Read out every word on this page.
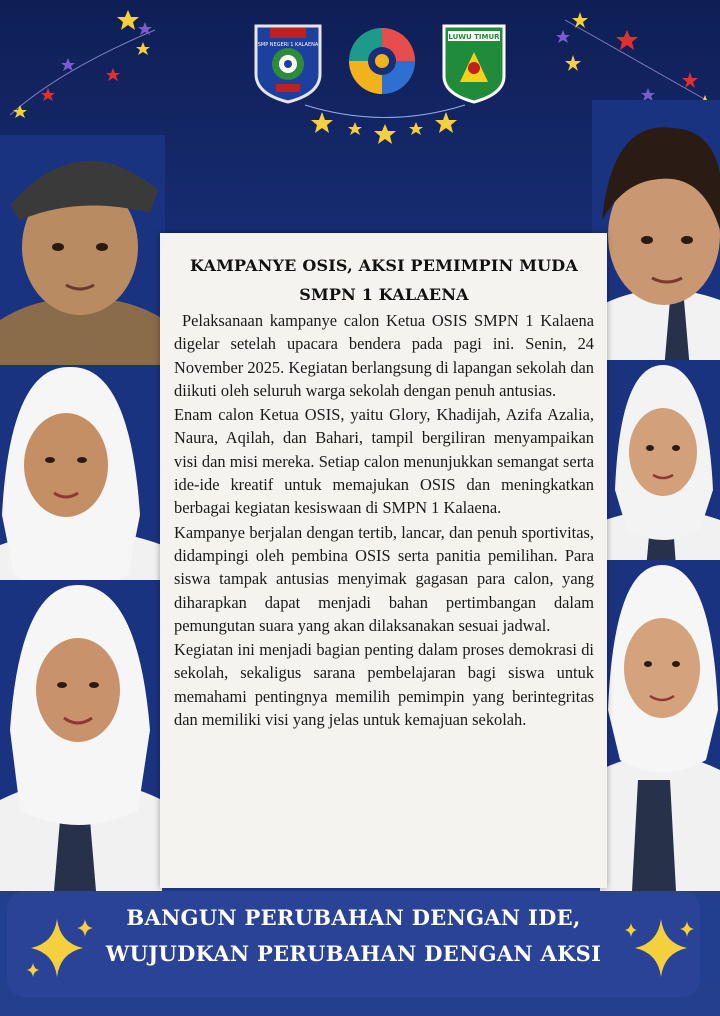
SMP NEGERI 1 KALAENA
LUWU TIMUR
KAMPANYE OSIS, AKSI PEMIMPIN MUDA
SMPN 1 KALAENA

Pelaksanaan kampanye calon Ketua OSIS SMPN 1 Kalaena digelar setelah upacara bendera pada pagi ini. Senin, 24 November 2025. Kegiatan berlangsung di lapangan sekolah dan diikuti oleh seluruh warga sekolah dengan penuh antusias.

Enam calon Ketua OSIS, yaitu Glory, Khadijah, Azifa Azalia, Naura, Aqilah, dan Bahari, tampil bergiliran menyampaikan visi dan misi mereka. Setiap calon menunjukkan semangat serta ide-ide kreatif untuk memajukan OSIS dan meningkatkan berbagai kegiatan kesiswaan di SMPN 1 Kalaena.

Kampanye berjalan dengan tertib, lancar, dan penuh sportivitas, didampingi oleh pembina OSIS serta panitia pemilihan. Para siswa tampak antusias menyimak gagasan para calon, yang diharapkan dapat menjadi bahan pertimbangan dalam pemungutan suara yang akan dilaksanakan sesuai jadwal.

Kegiatan ini menjadi bagian penting dalam proses demokrasi di sekolah, sekaligus sarana pembelajaran bagi siswa untuk memahami pentingnya memilih pemimpin yang berintegritas dan memiliki visi yang jelas untuk kemajuan sekolah.

BANGUN PERUBAHAN DENGAN IDE,
WUJUDKAN PERUBAHAN DENGAN AKSI
